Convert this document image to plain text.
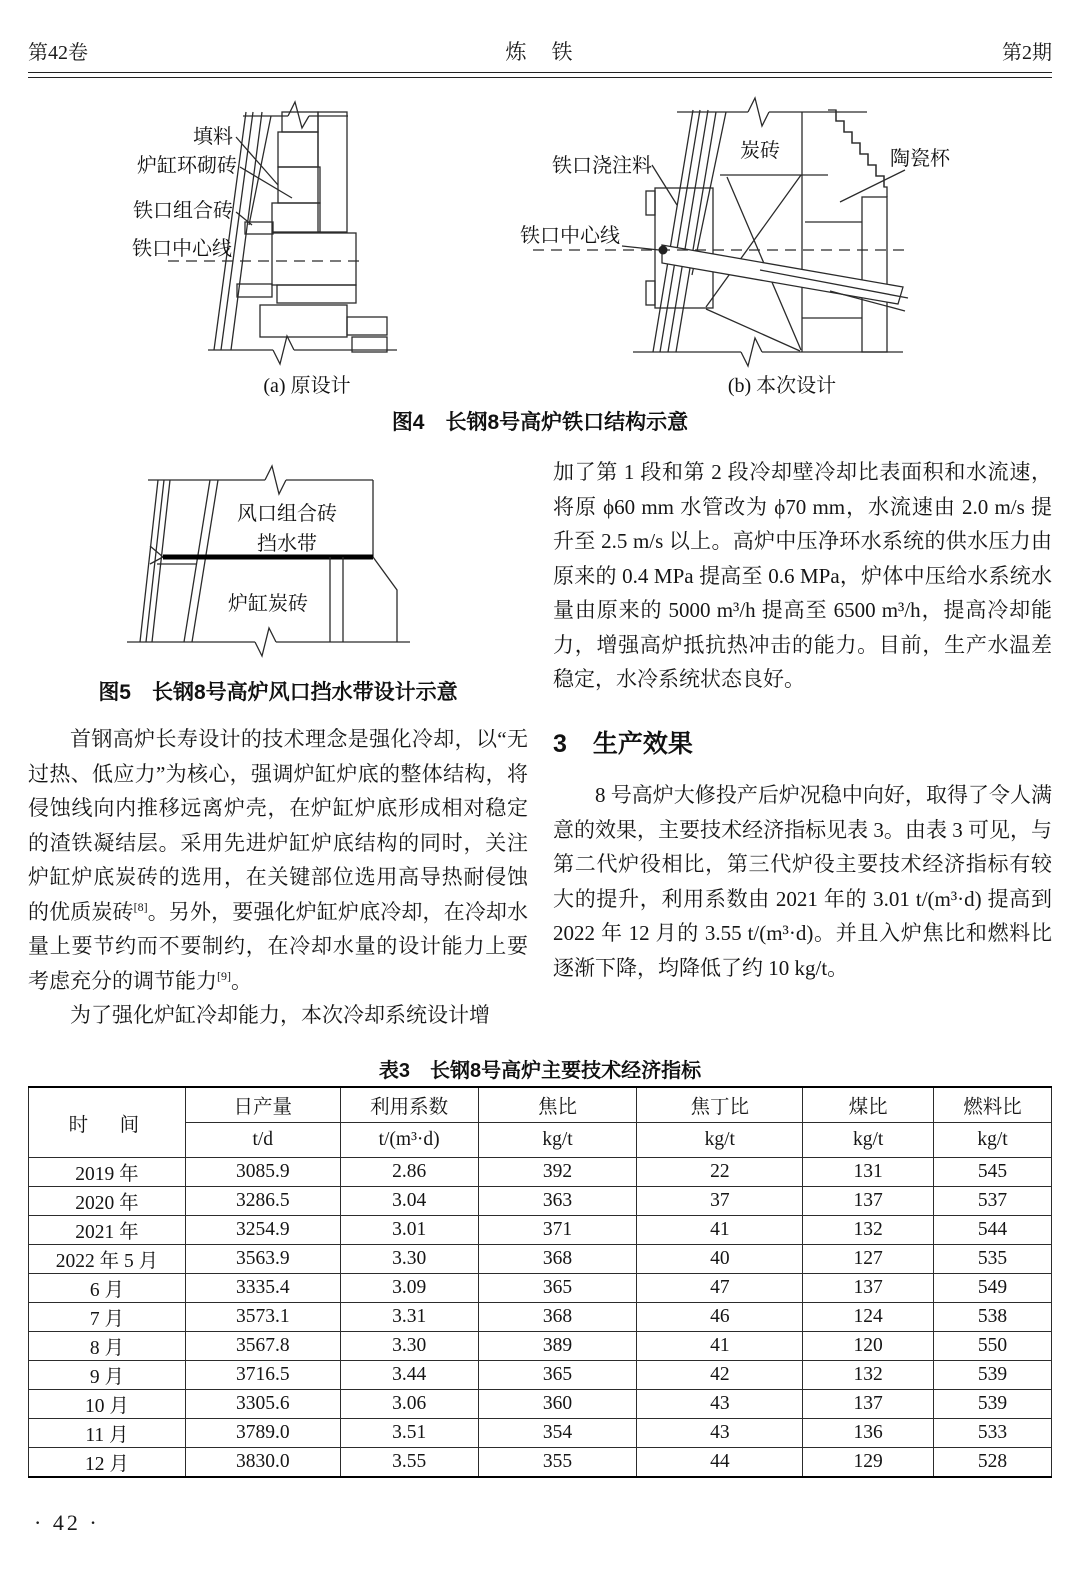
第42卷	炼　铁	第2期
填料
炉缸环砌砖
铁口组合砖
铁口中心线
(a) 原设计
铁口浇注料
炭砖	陶瓷杯
铁口中心线
(b) 本次设计
图4　长钢8号高炉铁口结构示意
风口组合砖
挡水带
炉缸炭砖
图5　长钢8号高炉风口挡水带设计示意

首钢高炉长寿设计的技术理念是强化冷却，以“无过热、低应力”为核心，强调炉缸炉底的整体结构，将侵蚀线向内推移远离炉壳，在炉缸炉底形成相对稳定的渣铁凝结层。采用先进炉缸炉底结构的同时，关注炉缸炉底炭砖的选用，在关键部位选用高导热耐侵蚀的优质炭砖[8]。另外，要强化炉缸炉底冷却，在冷却水量上要节约而不要制约，在冷却水量的设计能力上要考虑充分的调节能力[9]。

为了强化炉缸冷却能力，本次冷却系统设计增

加了第 1 段和第 2 段冷却壁冷却比表面积和水流速，将原 ϕ60 mm 水管改为 ϕ70 mm，水流速由 2.0 m/s 提升至 2.5 m/s 以上。高炉中压净环水系统的供水压力由原来的 0.4 MPa 提高至 0.6 MPa，炉体中压给水系统水量由原来的 5000 m³/h 提高至 6500 m³/h，提高冷却能力，增强高炉抵抗热冲击的能力。目前，生产水温差稳定，水冷系统状态良好。

3 生产效果

8 号高炉大修投产后炉况稳中向好，取得了令人满意的效果，主要技术经济指标见表 3。由表 3 可见，与第二代炉役相比，第三代炉役主要技术经济指标有较大的提升，利用系数由 2021 年的 3.01 t/(m³·d) 提高到 2022 年 12 月的 3.55 t/(m³·d)。并且入炉焦比和燃料比逐渐下降，均降低了约 10 kg/t。

表3　长钢8号高炉主要技术经济指标
时　间	日产量	利用系数	焦比	焦丁比	煤比	燃料比
	t/d	t/(m³·d)	kg/t	kg/t	kg/t	kg/t
2019 年	3085.9	2.86	392	22	131	545
2020 年	3286.5	3.04	363	37	137	537
2021 年	3254.9	3.01	371	41	132	544
2022 年 5 月	3563.9	3.30	368	40	127	535
6 月	3335.4	3.09	365	47	137	549
7 月	3573.1	3.31	368	46	124	538
8 月	3567.8	3.30	389	41	120	550
9 月	3716.5	3.44	365	42	132	539
10 月	3305.6	3.06	360	43	137	539
11 月	3789.0	3.51	354	43	136	533
12 月	3830.0	3.55	355	44	129	528
· 42 ·
